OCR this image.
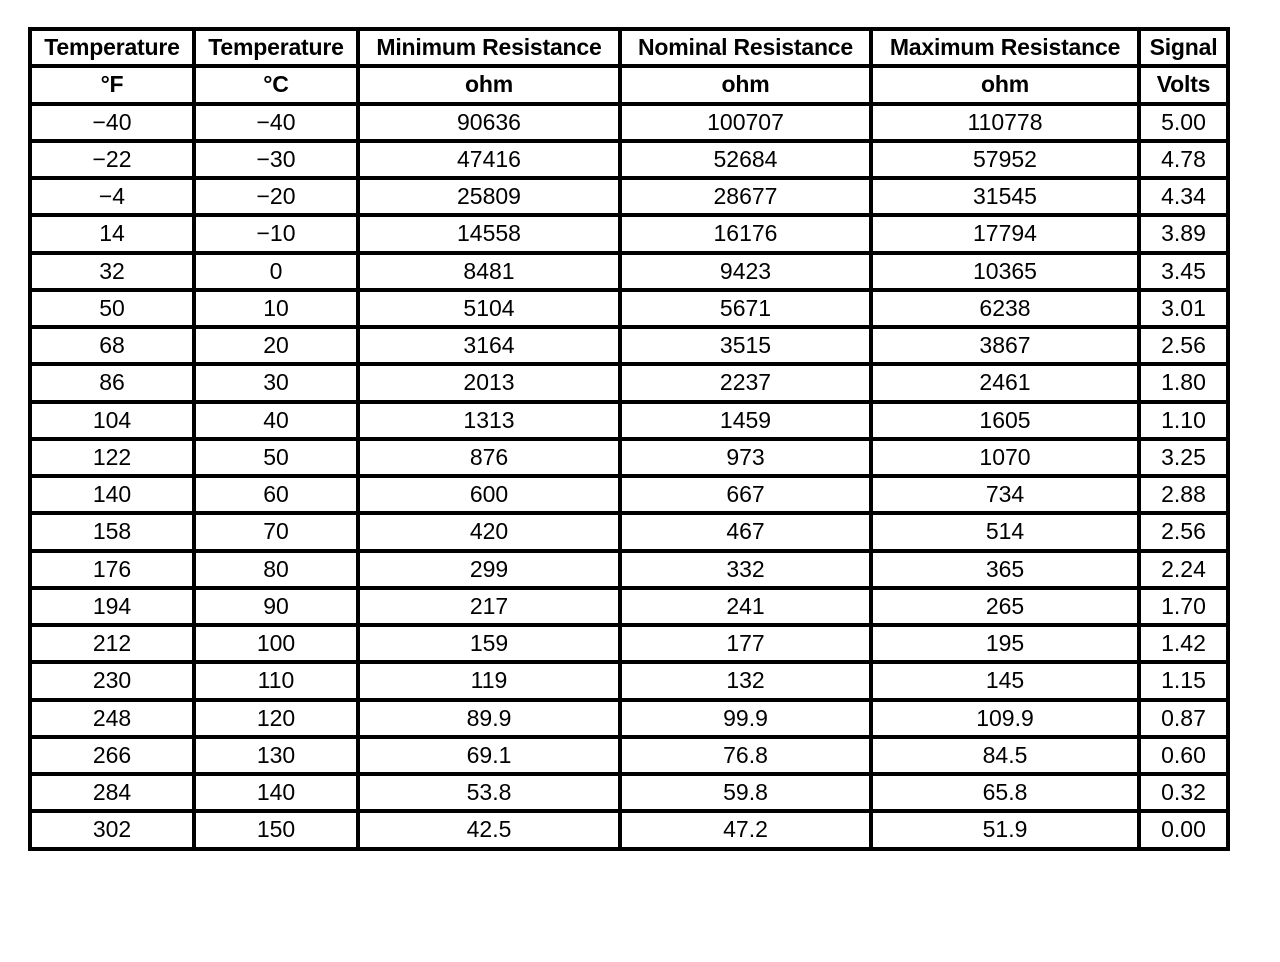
Temperature	Temperature	Minimum Resistance	Nominal Resistance	Maximum Resistance	Signal
°F	°C	ohm	ohm	ohm	Volts
−40	−40	90636	100707	110778	5.00
−22	−30	47416	52684	57952	4.78
−4	−20	25809	28677	31545	4.34
14	−10	14558	16176	17794	3.89
32	0	8481	9423	10365	3.45
50	10	5104	5671	6238	3.01
68	20	3164	3515	3867	2.56
86	30	2013	2237	2461	1.80
104	40	1313	1459	1605	1.10
122	50	876	973	1070	3.25
140	60	600	667	734	2.88
158	70	420	467	514	2.56
176	80	299	332	365	2.24
194	90	217	241	265	1.70
212	100	159	177	195	1.42
230	110	119	132	145	1.15
248	120	89.9	99.9	109.9	0.87
266	130	69.1	76.8	84.5	0.60
284	140	53.8	59.8	65.8	0.32
302	150	42.5	47.2	51.9	0.00
